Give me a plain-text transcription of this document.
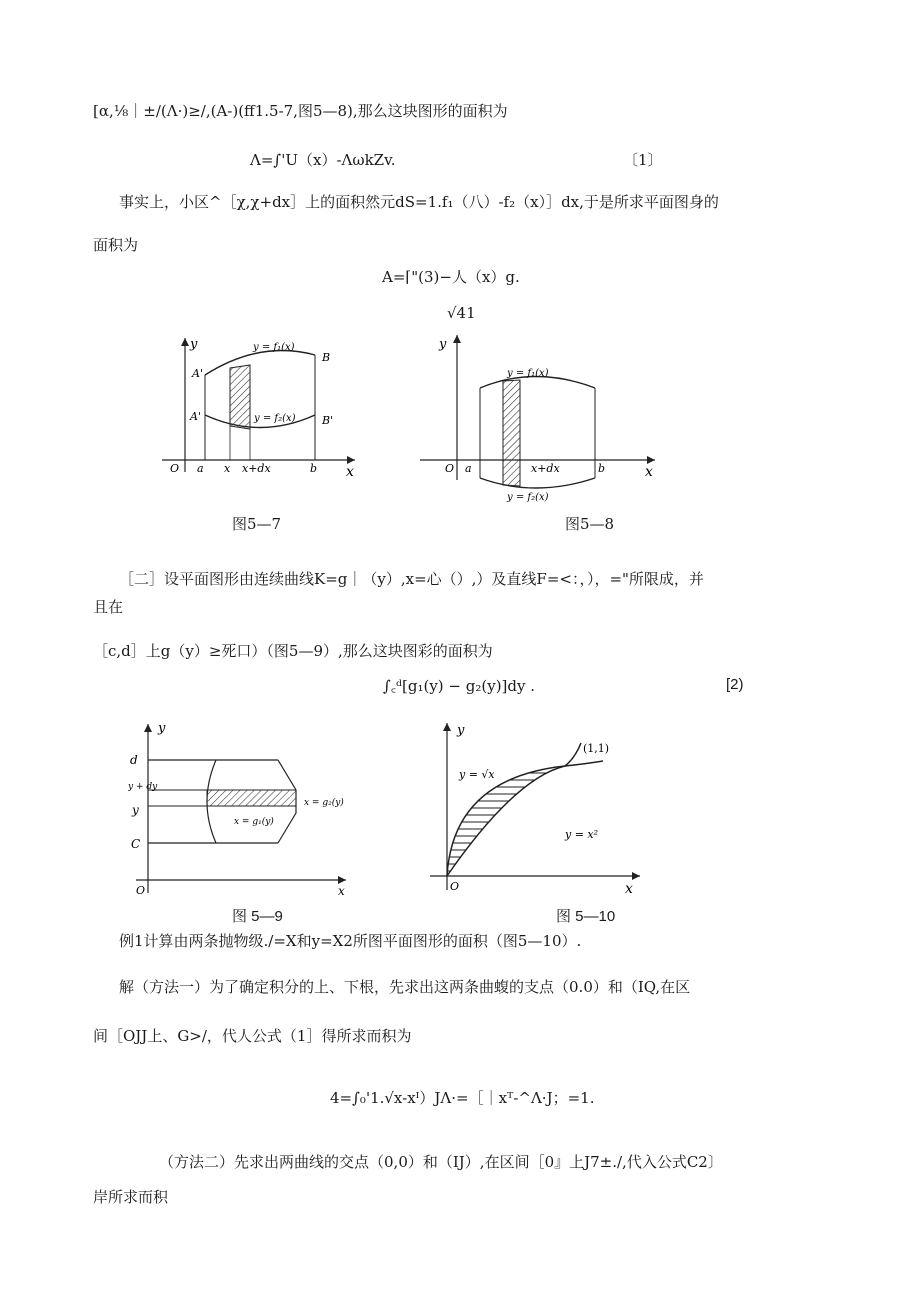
[α,⅛｜±∕(Λ·)≥/,(A-)(ff1.5-7,图5—8),那么这块图形的面积为
Λ=∫'U（x）-ΛωkZv.	〔1〕
事实上，小区^［χ,χ+dx］上的面积然元dS=1.f₁（八）-f₂（x）］dx,于是所求平面图身的
面积为
A=⌈"(3)−人（x）g.
√41
y
x
O a x x+dx	b
A'
A'
B
B'
y = f₁(x)
y = f₂(x)
图5—7
y
x
O a	x+dx	b
y = f₁(x)
y = f₂(x)
图5—8
［二］设平面图形由连续曲线K=g｜（y）,x=心（）,）及直线F=<：，），="所限成，并
且在
［c,d］上g（y）≥死口）（图5—9）,那么这块图彩的面积为
∫꜀ᵈ[g₁(y) − g₂(y)]dy .	[2)
y
x
O
d
y + dy
y
C
x = g₂(y)
x = g₁(y)
图 5—9
y
x
O
(1,1)
y = √x
y = x²
图 5—10
例1计算由两条抛物级./=X和y=X2所图平面图形的面积（图5—10）.
解（方法一）为了确定积分的上、下根，先求出这两条曲蝮的支点（0.0）和（IQ,在区
间［OJJ上、G>/，代人公式（1］得所求而积为
4=∫₀'1.√x-xᴵ）JΛ·=［｜xᵀ-^Λ·J；=1.
（方法二）先求出两曲线的交点（0,0）和（IJ）,在区间［0』上J7±./,代入公式C2〕
岸所求而积
